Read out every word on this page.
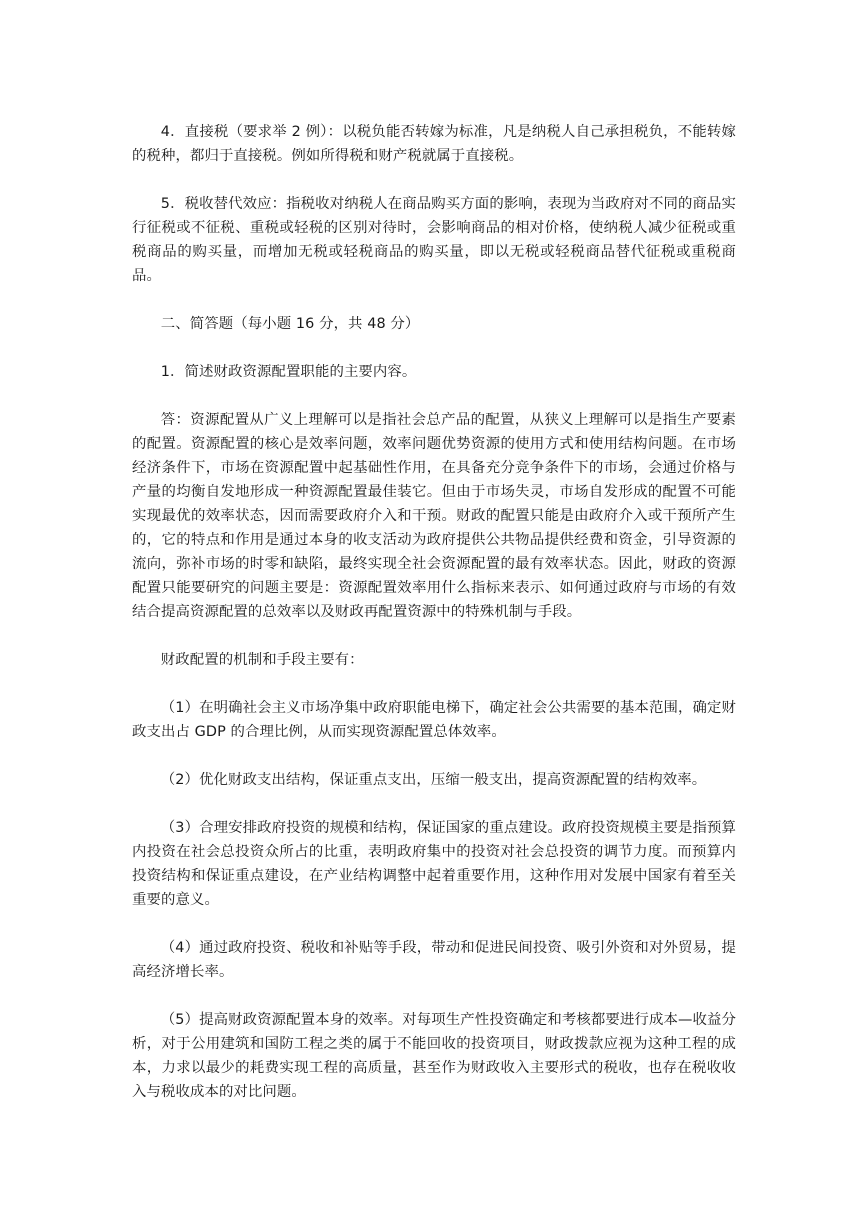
4．直接税（要求举 2 例）：以税负能否转嫁为标准，凡是纳税人自己承担税负，不能转嫁的税种，都归于直接税。例如所得税和财产税就属于直接税。

5．税收替代效应：指税收对纳税人在商品购买方面的影响，表现为当政府对不同的商品实行征税或不征税、重税或轻税的区别对待时，会影响商品的相对价格，使纳税人减少征税或重税商品的购买量，而增加无税或轻税商品的购买量，即以无税或轻税商品替代征税或重税商品。

二、简答题（每小题 16 分，共 48 分）

1．简述财政资源配置职能的主要内容。

答：资源配置从广义上理解可以是指社会总产品的配置，从狭义上理解可以是指生产要素的配置。资源配置的核心是效率问题，效率问题优势资源的使用方式和使用结构问题。在市场经济条件下，市场在资源配置中起基础性作用，在具备充分竞争条件下的市场，会通过价格与产量的均衡自发地形成一种资源配置最佳装它。但由于市场失灵，市场自发形成的配置不可能实现最优的效率状态，因而需要政府介入和干预。财政的配置只能是由政府介入或干预所产生的，它的特点和作用是通过本身的收支活动为政府提供公共物品提供经费和资金，引导资源的流向，弥补市场的时零和缺陷，最终实现全社会资源配置的最有效率状态。因此，财政的资源配置只能要研究的问题主要是：资源配置效率用什么指标来表示、如何通过政府与市场的有效结合提高资源配置的总效率以及财政再配置资源中的特殊机制与手段。

财政配置的机制和手段主要有：

（1）在明确社会主义市场净集中政府职能电梯下，确定社会公共需要的基本范围，确定财政支出占 GDP 的合理比例，从而实现资源配置总体效率。

（2）优化财政支出结构，保证重点支出，压缩一般支出，提高资源配置的结构效率。

（3）合理安排政府投资的规模和结构，保证国家的重点建设。政府投资规模主要是指预算内投资在社会总投资众所占的比重，表明政府集中的投资对社会总投资的调节力度。而预算内投资结构和保证重点建设，在产业结构调整中起着重要作用，这种作用对发展中国家有着至关重要的意义。

（4）通过政府投资、税收和补贴等手段，带动和促进民间投资、吸引外资和对外贸易，提高经济增长率。

（5）提高财政资源配置本身的效率。对每项生产性投资确定和考核都要进行成本—收益分析，对于公用建筑和国防工程之类的属于不能回收的投资项目，财政拨款应视为这种工程的成本，力求以最少的耗费实现工程的高质量，甚至作为财政收入主要形式的税收，也存在税收收入与税收成本的对比问题。
